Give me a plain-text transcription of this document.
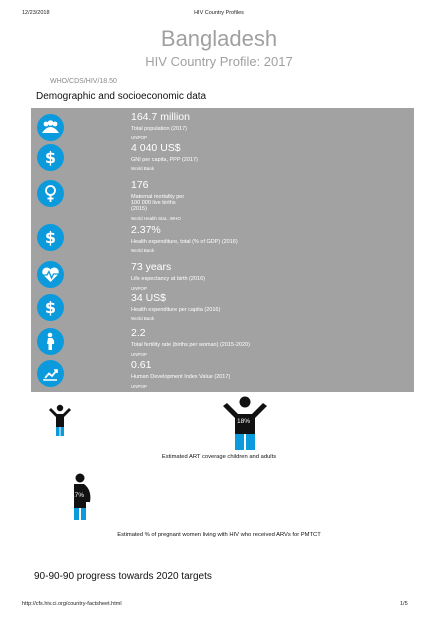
12/23/2018	HIV Country Profiles
Bangladesh
HIV Country Profile: 2017
WHO/CDS/HIV/18.50
Demographic and socioeconomic data
164.7 million
Total population (2017)
UNPOP
$	4 040 US$
GNI per capita, PPP (2017)
World Bank
176
Maternal mortality per
100 000 live births
(2015)
World Health Stat., WHO
$	2.37%
Health expenditure, total (% of GDP) (2016)
World Bank
73 years
Life expectancy at birth (2016)
UNPOP
$	34 US$
Health expenditure per capita (2016)
World Bank
2.2
Total fertility rate (births per woman) (2015-2020)
UNPOP
0.61
Human Development Index Value (2017)
UNPOP
18%
Estimated ART coverage children and adults
17%
Estimated % of pregnant women living with HIV who received ARVs for PMTCT
90-90-90 progress towards 2020 targets
http://cfs.hiv.ci.org/country-factsheet.html	1/5
